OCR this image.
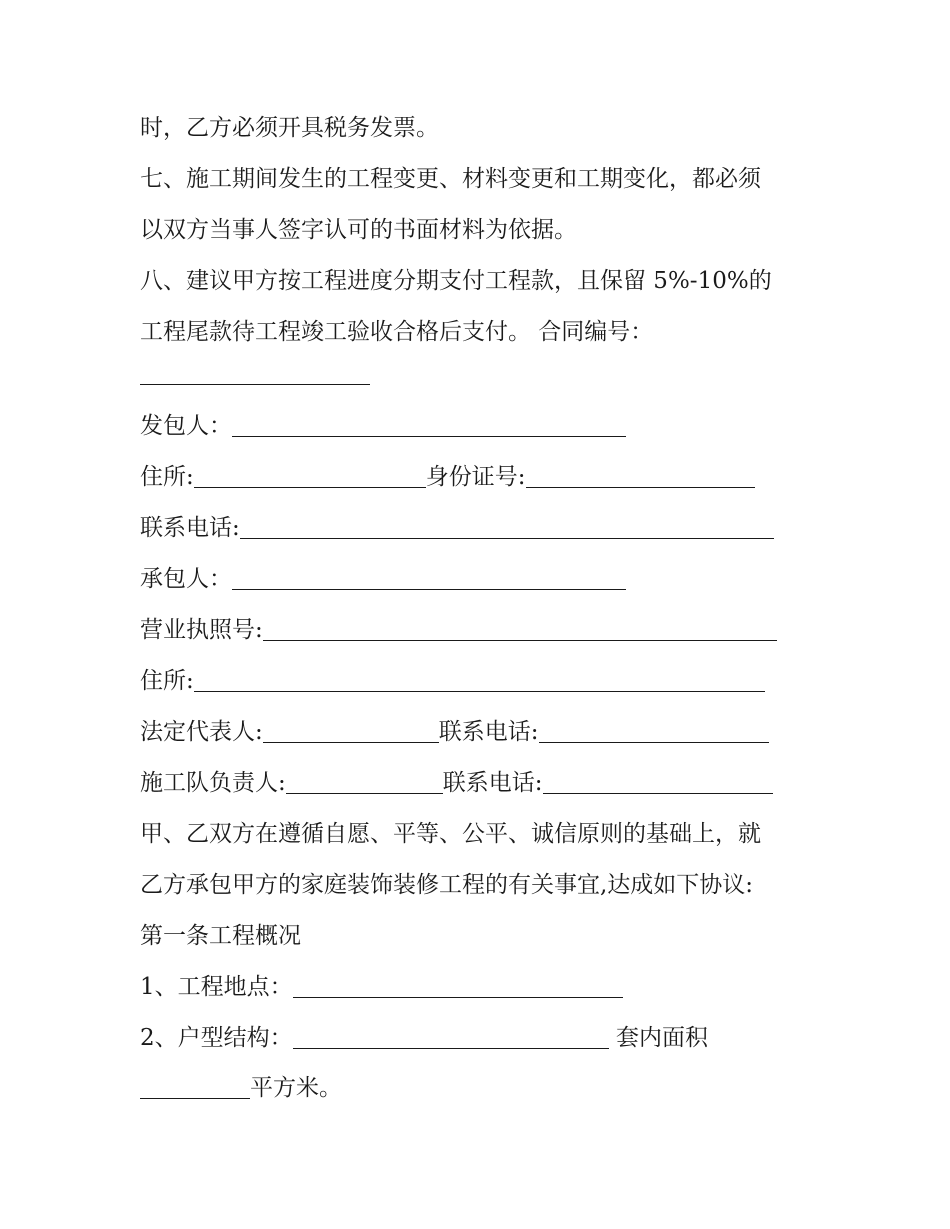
时，乙方必须开具税务发票。
七、施工期间发生的工程变更、材料变更和工期变化，都必须
以双方当事人签字认可的书面材料为依据。
八、建议甲方按工程进度分期支付工程款，且保留 5%-10%的
工程尾款待工程竣工验收合格后支付。 合同编号：
发包人：
住所:	身份证号:
联系电话:
承包人：
营业执照号:
住所:
法定代表人:	联系电话:
施工队负责人:	联系电话:
甲、乙双方在遵循自愿、平等、公平、诚信原则的基础上，就
乙方承包甲方的家庭装饰装修工程的有关事宜,达成如下协议:
第一条工程概况
1、工程地点：
2、户型结构：	套内面积
平方米。
